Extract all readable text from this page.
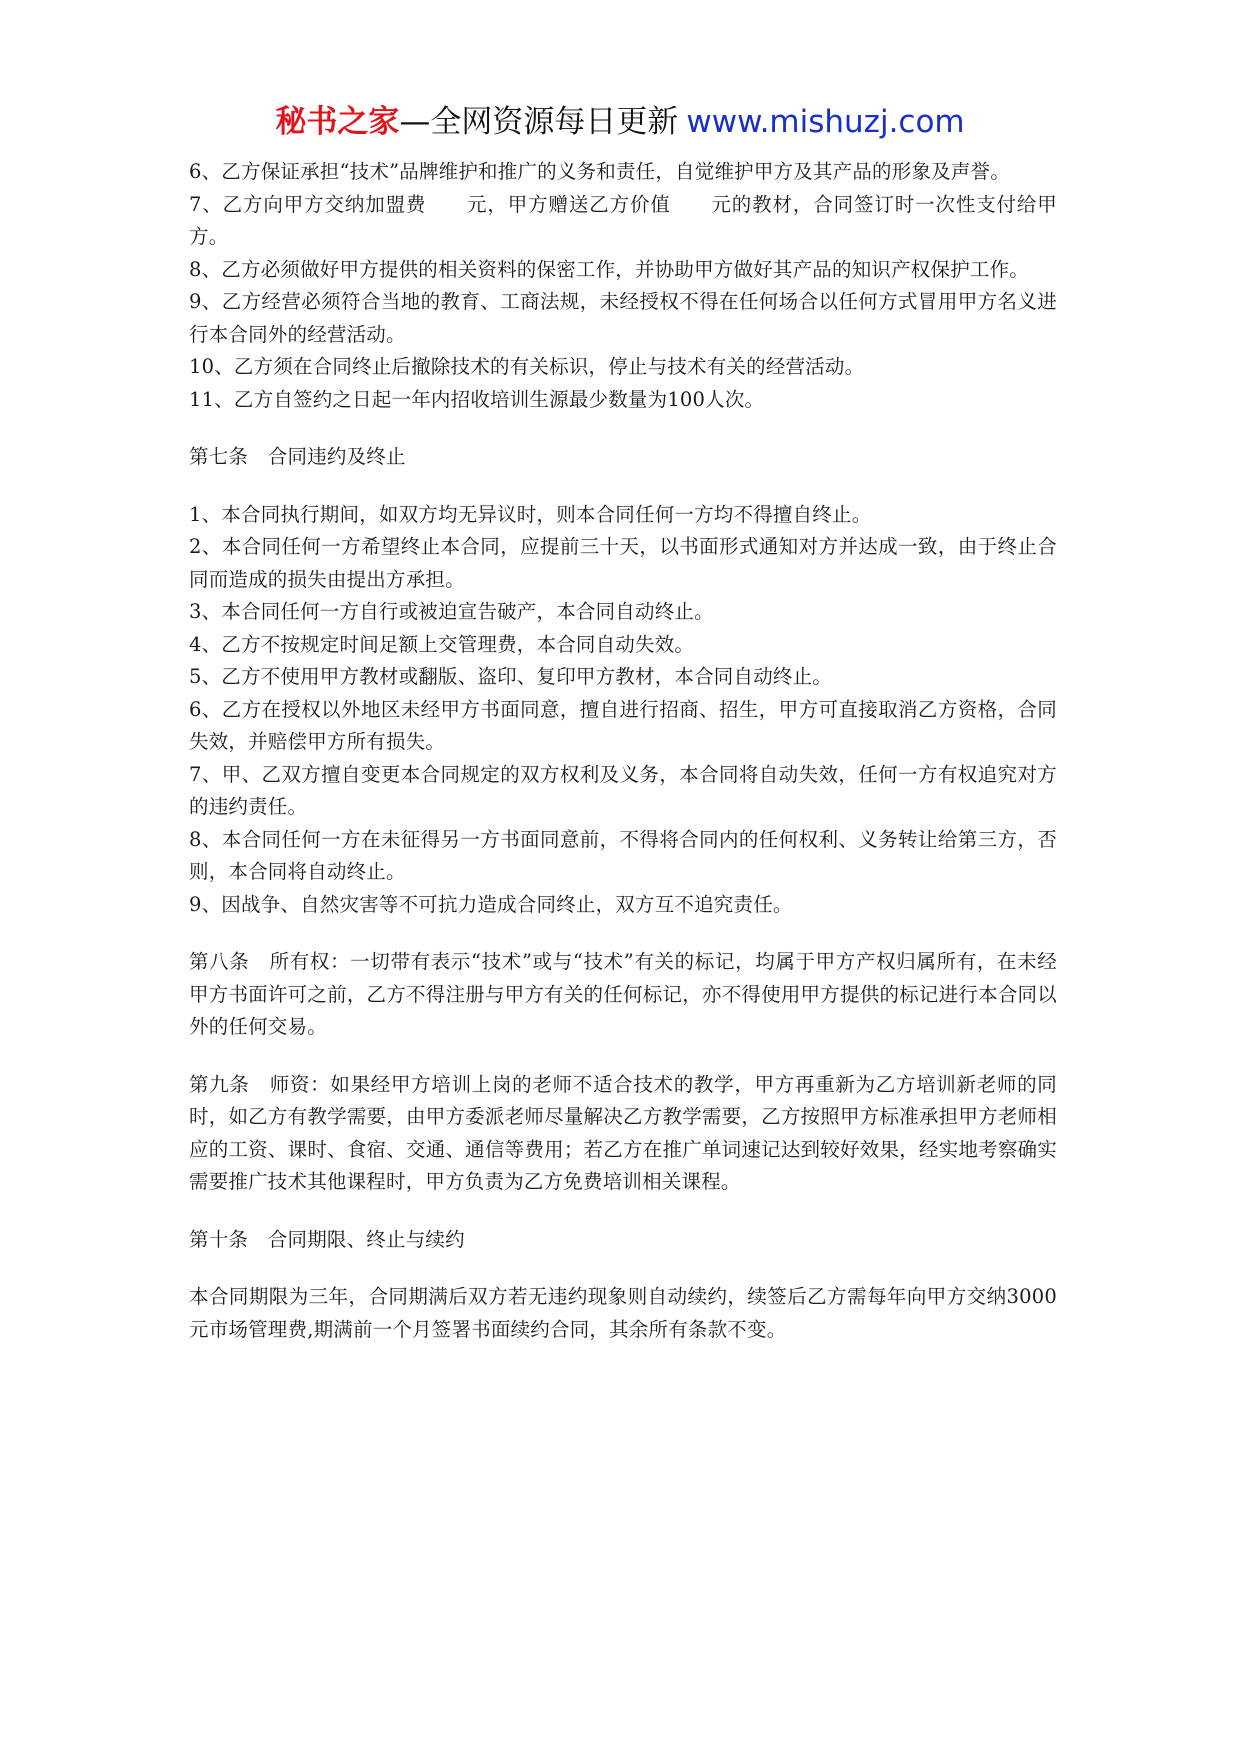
秘书之家—全网资源每日更新 www.mishuzj.com

6、乙方保证承担“技术”品牌维护和推广的义务和责任，自觉维护甲方及其产品的形象及声誉。

7、乙方向甲方交纳加盟费　　元，甲方赠送乙方价值　　元的教材，合同签订时一次性支付给甲方。

8、乙方必须做好甲方提供的相关资料的保密工作，并协助甲方做好其产品的知识产权保护工作。

9、乙方经营必须符合当地的教育、工商法规，未经授权不得在任何场合以任何方式冒用甲方名义进行本合同外的经营活动。

10、乙方须在合同终止后撤除技术的有关标识，停止与技术有关的经营活动。

11、乙方自签约之日起一年内招收培训生源最少数量为100人次。

第七条　合同违约及终止

1、本合同执行期间，如双方均无异议时，则本合同任何一方均不得擅自终止。

2、本合同任何一方希望终止本合同，应提前三十天，以书面形式通知对方并达成一致，由于终止合同而造成的损失由提出方承担。

3、本合同任何一方自行或被迫宣告破产，本合同自动终止。

4、乙方不按规定时间足额上交管理费，本合同自动失效。

5、乙方不使用甲方教材或翻版、盗印、复印甲方教材，本合同自动终止。

6、乙方在授权以外地区未经甲方书面同意，擅自进行招商、招生，甲方可直接取消乙方资格，合同失效，并赔偿甲方所有损失。

7、甲、乙双方擅自变更本合同规定的双方权利及义务，本合同将自动失效，任何一方有权追究对方的违约责任。

8、本合同任何一方在未征得另一方书面同意前，不得将合同内的任何权利、义务转让给第三方，否则，本合同将自动终止。

9、因战争、自然灾害等不可抗力造成合同终止，双方互不追究责任。

第八条　所有权：一切带有表示“技术”或与“技术”有关的标记，均属于甲方产权归属所有，在未经甲方书面许可之前，乙方不得注册与甲方有关的任何标记，亦不得使用甲方提供的标记进行本合同以外的任何交易。

第九条　师资：如果经甲方培训上岗的老师不适合技术的教学，甲方再重新为乙方培训新老师的同时，如乙方有教学需要，由甲方委派老师尽量解决乙方教学需要，乙方按照甲方标准承担甲方老师相应的工资、课时、食宿、交通、通信等费用；若乙方在推广单词速记达到较好效果，经实地考察确实需要推广技术其他课程时，甲方负责为乙方免费培训相关课程。

第十条　合同期限、终止与续约

本合同期限为三年，合同期满后双方若无违约现象则自动续约，续签后乙方需每年向甲方交纳3000元市场管理费,期满前一个月签署书面续约合同，其余所有条款不变。
